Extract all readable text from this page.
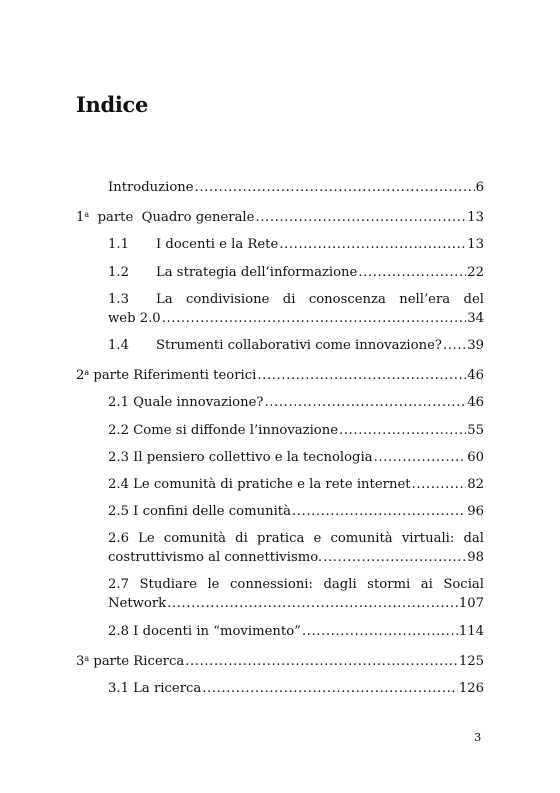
Indice
Introduzione .....	6
1$^a$ parte Quadro generale .....	13
1.1 I docenti e la Rete .....	13
1.2 La strategia dell’informazione .....	22
1.3	La condivisione di conoscenza nell’era del
web 2.0 .....	34
1.4 Strumenti collaborativi come innovazione? ..... 39
2$^a$ parte Riferimenti teorici .....	46
2.1 Quale innovazione? .....	46
2.2 Come si diffonde l’innovazione .....	55
2.3 Il pensiero collettivo e la tecnologia .....	60
2.4 Le comunità di pratiche e la rete internet .....	82
2.5 I confini delle comunità .....	96
2.6 Le comunità di pratica e comunità virtuali: dal
costruttivismo al connettivismo. .....	98
2.7 Studiare le connessioni: dagli stormi ai Social
Network .....	107
2.8 I docenti in “movimento” .....	114
3$^a$ parte Ricerca .....	125
3.1 La ricerca .....	126
3
